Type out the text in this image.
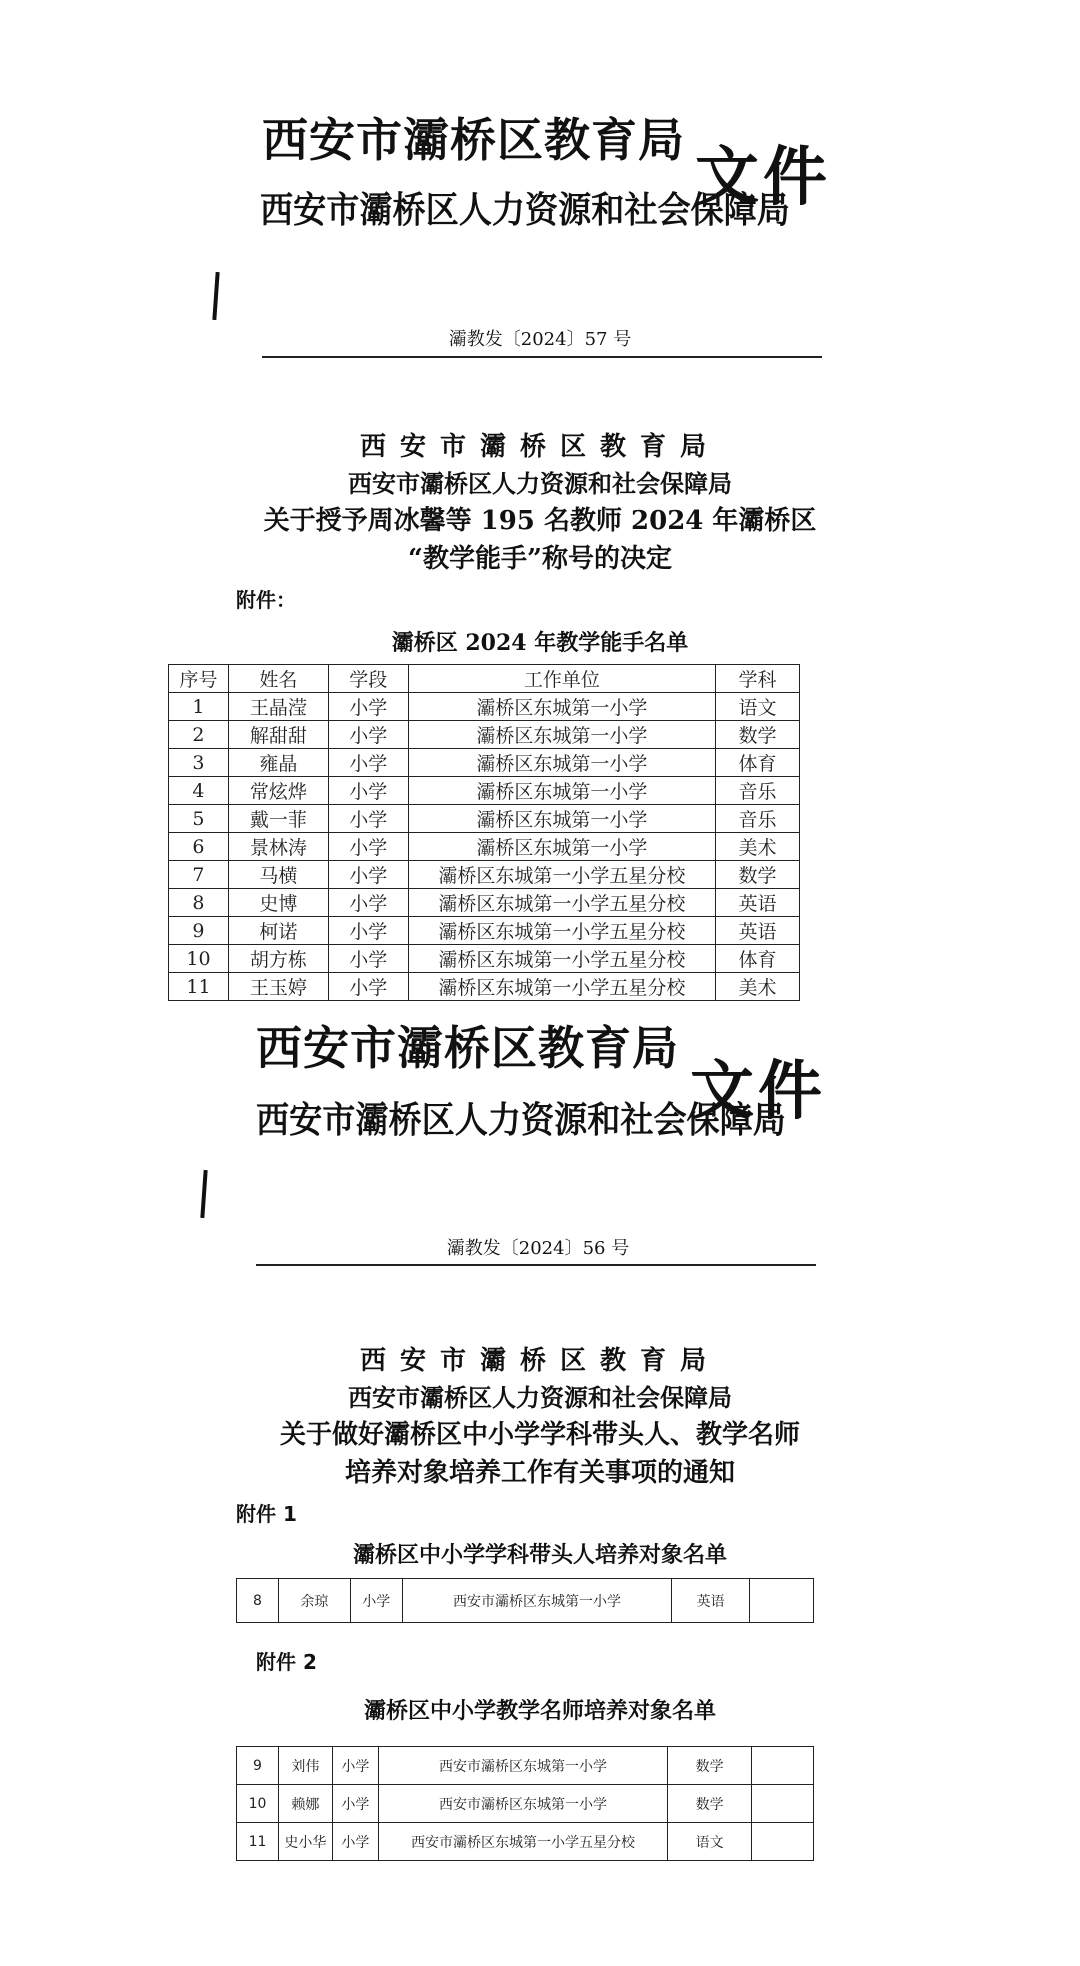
西安市灞桥区教育局
西安市灞桥区人力资源和社会保障局
文件
灞教发〔2024〕57 号
西安市灞桥区教育局
西安市灞桥区人力资源和社会保障局
关于授予周冰馨等 195 名教师 2024 年灞桥区
“教学能手”称号的决定
附件：
灞桥区 2024 年教学能手名单
序号	姓名	学段	工作单位	学科
1	王晶滢	小学	灞桥区东城第一小学	语文
2	解甜甜	小学	灞桥区东城第一小学	数学
3	雍晶	小学	灞桥区东城第一小学	体育
4	常炫烨	小学	灞桥区东城第一小学	音乐
5	戴一菲	小学	灞桥区东城第一小学	音乐
6	景林涛	小学	灞桥区东城第一小学	美术
7	马横	小学	灞桥区东城第一小学五星分校	数学
8	史博	小学	灞桥区东城第一小学五星分校	英语
9	柯诺	小学	灞桥区东城第一小学五星分校	英语
10	胡方栋	小学	灞桥区东城第一小学五星分校	体育
11	王玉婷	小学	灞桥区东城第一小学五星分校	美术
西安市灞桥区教育局
西安市灞桥区人力资源和社会保障局
文件
灞教发〔2024〕56 号
西安市灞桥区教育局
西安市灞桥区人力资源和社会保障局
关于做好灞桥区中小学学科带头人、教学名师
培养对象培养工作有关事项的通知
附件 1
灞桥区中小学学科带头人培养对象名单
8	余琼	小学	西安市灞桥区东城第一小学	英语	
附件 2
灞桥区中小学教学名师培养对象名单
9	刘伟	小学	西安市灞桥区东城第一小学	数学	
10	赖娜	小学	西安市灞桥区东城第一小学	数学	
11	史小华	小学	西安市灞桥区东城第一小学五星分校	语文	
